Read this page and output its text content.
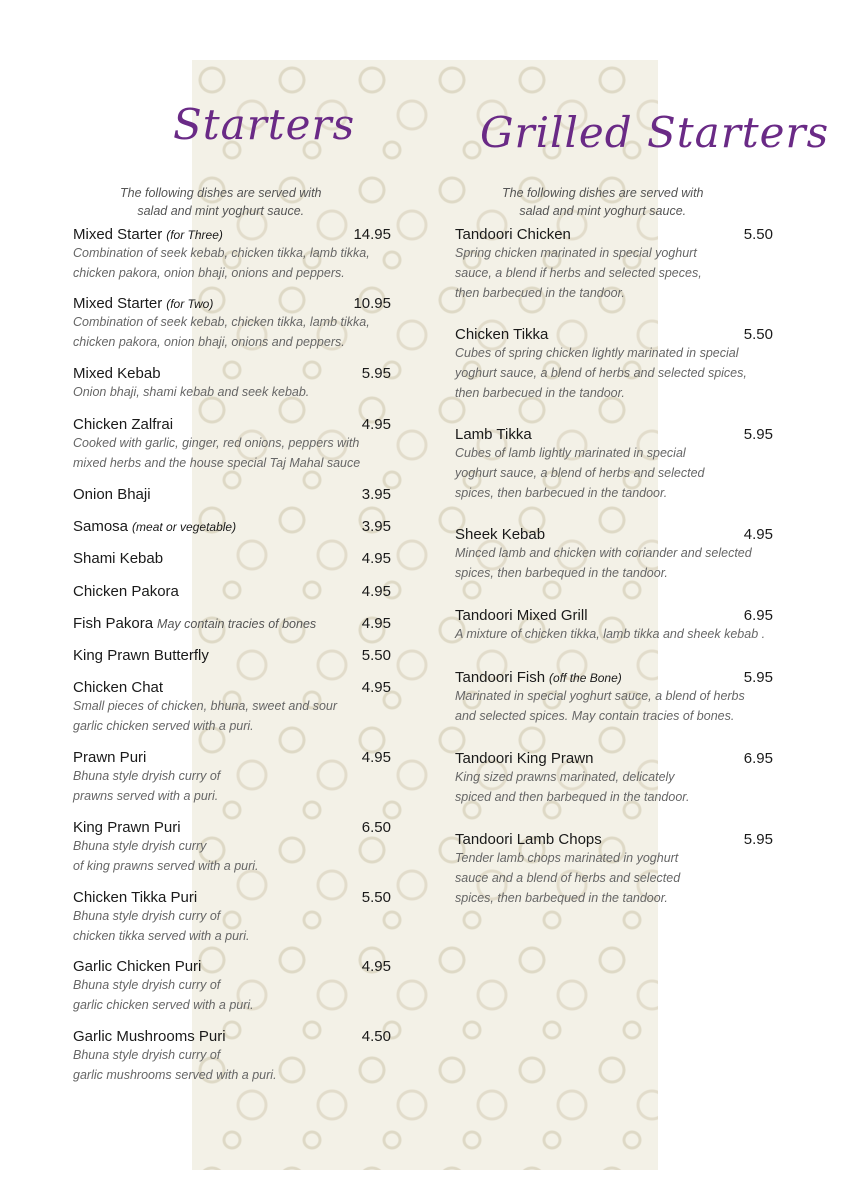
Starters
The following dishes are served with
salad and mint yoghurt sauce.
Mixed Starter (for Three)	14.95
Combination of seek kebab, chicken tikka, lamb tikka,
chicken pakora, onion bhaji, onions and peppers.
Mixed Starter (for Two)	10.95
Combination of seek kebab, chicken tikka, lamb tikka,
chicken pakora, onion bhaji, onions and peppers.
Mixed Kebab	5.95
Onion bhaji, shami kebab and seek kebab.
Chicken Zalfrai	4.95
Cooked with garlic, ginger, red onions, peppers with
mixed herbs and the house special Taj Mahal sauce
Onion Bhaji	3.95
Samosa (meat or vegetable)	3.95
Shami Kebab	4.95
Chicken Pakora	4.95
Fish Pakora May contain tracies of bones	4.95
King Prawn Butterfly	5.50
Chicken Chat	4.95
Small pieces of chicken, bhuna, sweet and sour
garlic chicken served with a puri.
Prawn Puri	4.95
Bhuna style dryish curry of
prawns served with a puri.
King Prawn Puri	6.50
Bhuna style dryish curry
of king prawns served with a puri.
Chicken Tikka Puri	5.50
Bhuna style dryish curry of
chicken tikka served with a puri.
Garlic Chicken Puri	4.95
Bhuna style dryish curry of
garlic chicken served with a puri.
Garlic Mushrooms Puri	4.50
Bhuna style dryish curry of
garlic mushrooms served with a puri.
Grilled Starters
The following dishes are served with
salad and mint yoghurt sauce.
Tandoori Chicken	5.50
Spring chicken marinated in special yoghurt
sauce, a blend if herbs and selected speces,
then barbecued in the tandoor.
Chicken Tikka	5.50
Cubes of spring chicken lightly marinated in special
yoghurt sauce, a blend of herbs and selected spices,
then barbecued in the tandoor.
Lamb Tikka	5.95
Cubes of lamb lightly marinated in special
yoghurt sauce, a blend of herbs and selected
spices, then barbecued in the tandoor.
Sheek Kebab	4.95
Minced lamb and chicken with coriander and selected
spices, then barbequed in the tandoor.
Tandoori Mixed Grill	6.95
A mixture of chicken tikka, lamb tikka and sheek kebab .
Tandoori Fish (off the Bone)	5.95
Marinated in special yoghurt sauce, a blend of herbs
and selected spices. May contain tracies of bones.
Tandoori King Prawn	6.95
King sized prawns marinated, delicately
spiced and then barbequed in the tandoor.
Tandoori Lamb Chops	5.95
Tender lamb chops marinated in yoghurt
sauce and a blend of herbs and selected
spices, then barbequed in the tandoor.
